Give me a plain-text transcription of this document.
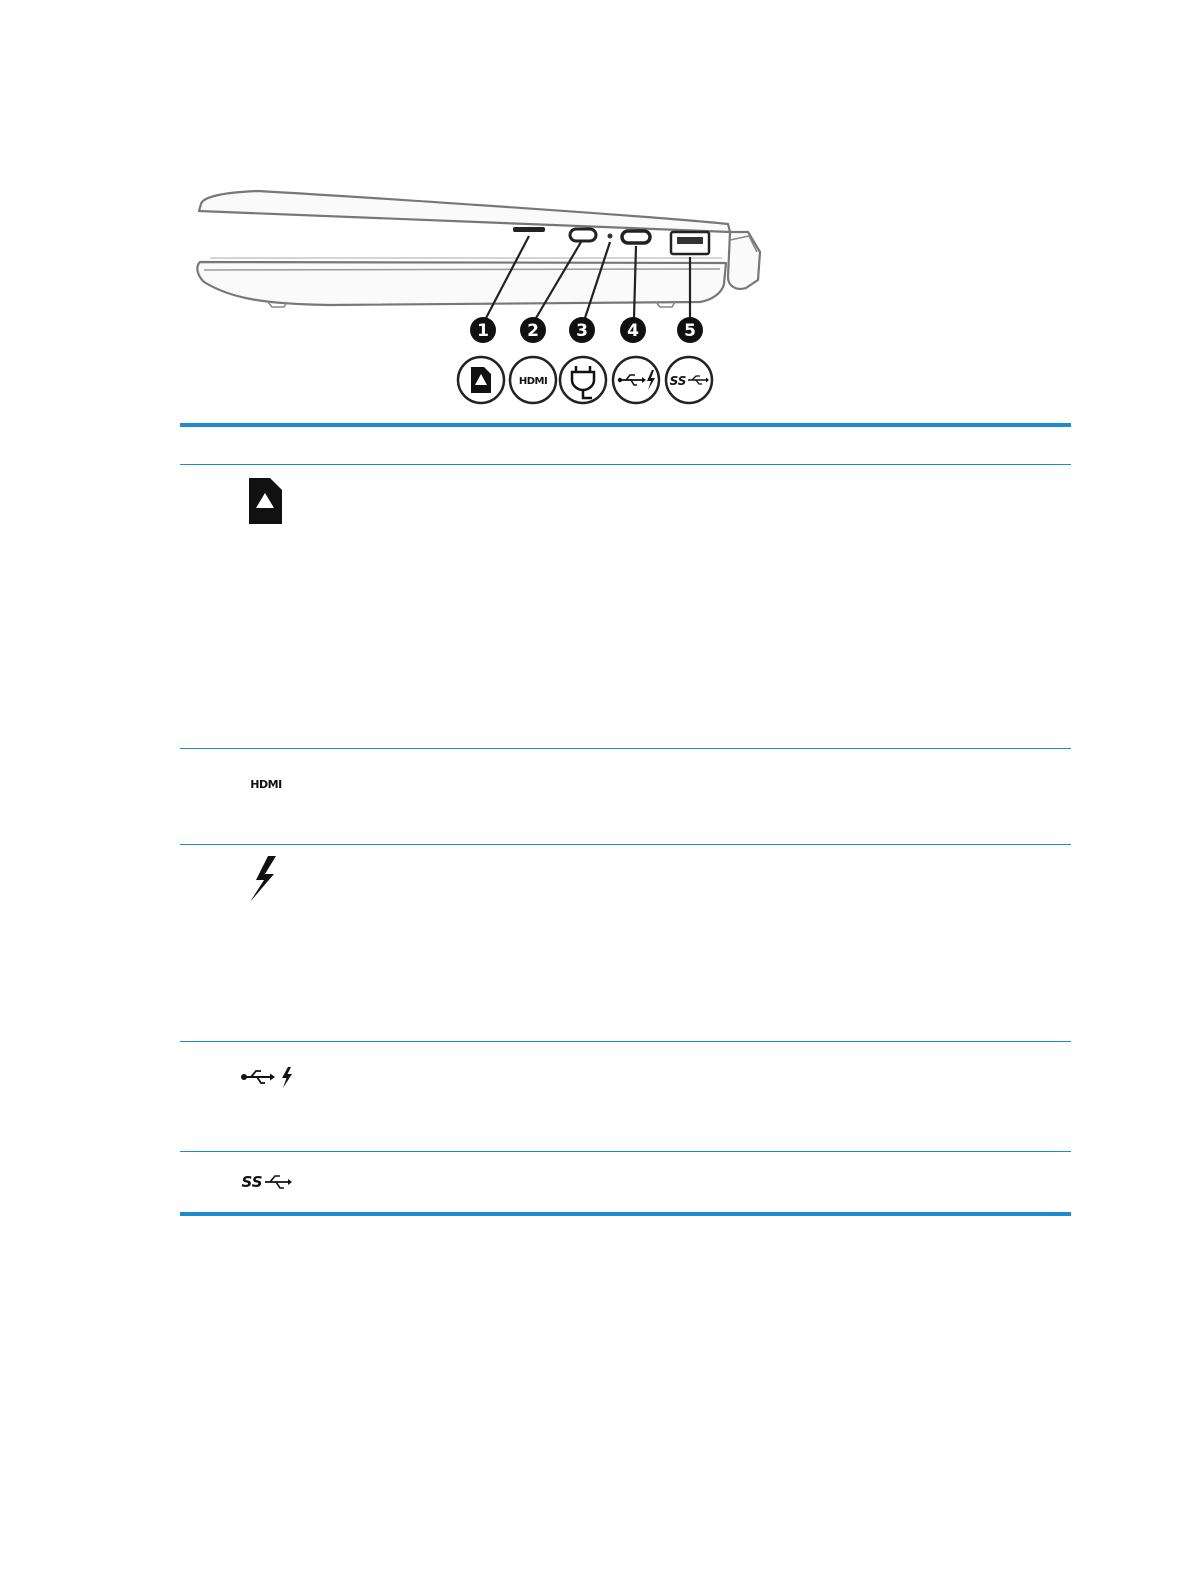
1 2 3 4	5
HDMI	SS
HDMI
SS
